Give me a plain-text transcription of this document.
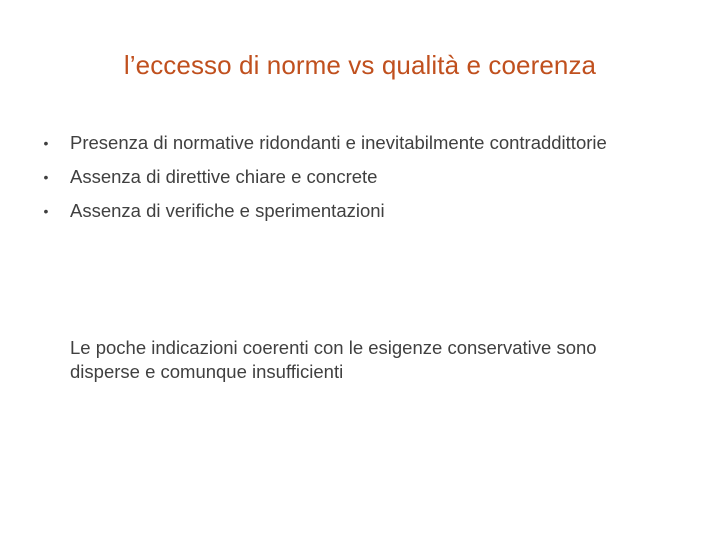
l’eccesso di norme vs qualità e coerenza
• Presenza di normative ridondanti e inevitabilmente contraddittorie
• Assenza di direttive chiare e concrete
• Assenza di verifiche e sperimentazioni
Le poche indicazioni coerenti con le esigenze conservative sono disperse e comunque insufficienti
